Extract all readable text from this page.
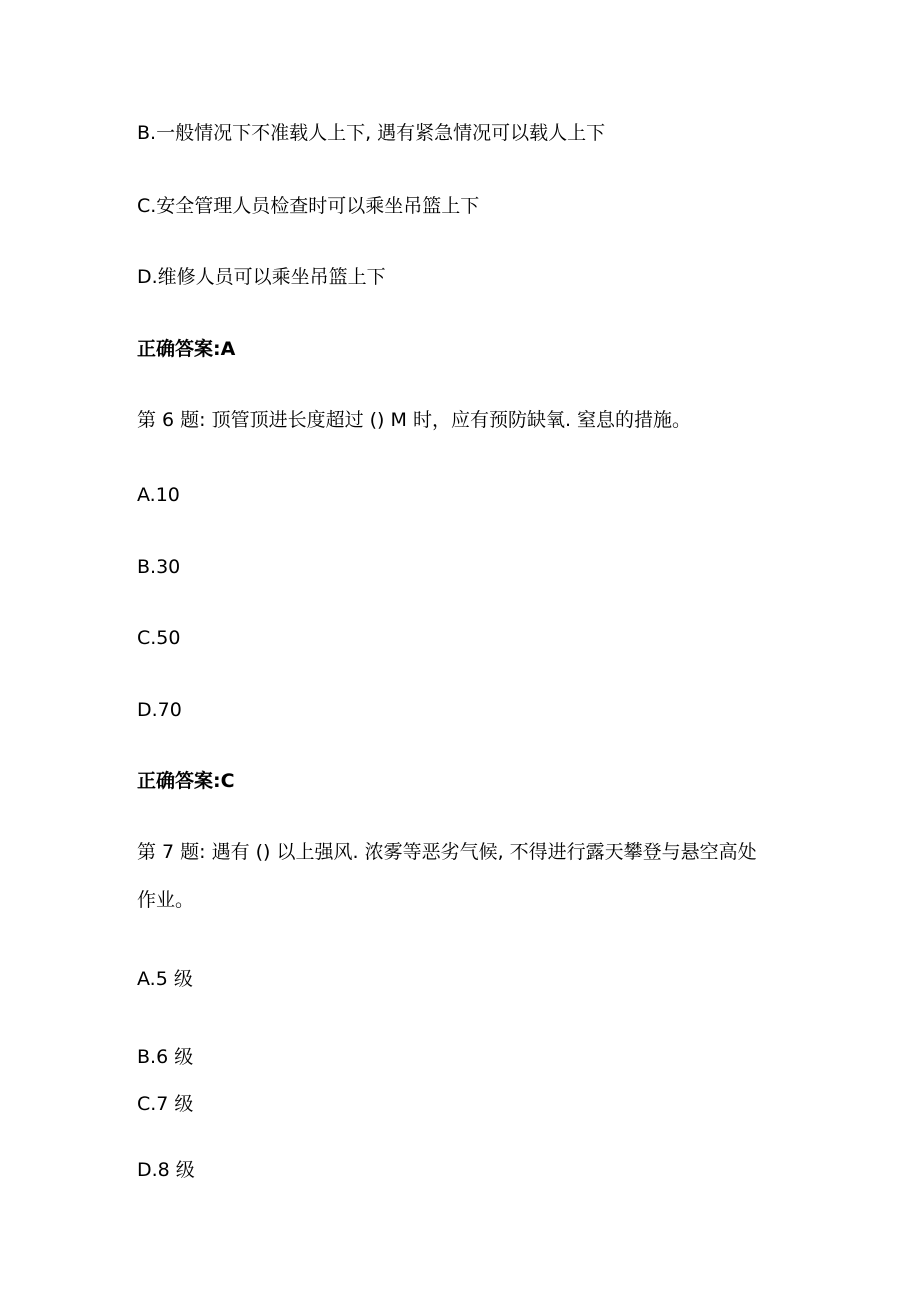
B.一般情况下不准载人上下, 遇有紧急情况可以载人上下

C.安全管理人员检查时可以乘坐吊篮上下

D.维修人员可以乘坐吊篮上下

正确答案:A

第 6 题: 顶管顶进长度超过 () M 时，应有预防缺氧. 窒息的措施。

A.10

B.30

C.50

D.70

正确答案:C

第 7 题: 遇有 () 以上强风. 浓雾等恶劣气候, 不得进行露天攀登与悬空高处

作业。

A.5 级

B.6 级

C.7 级

D.8 级
